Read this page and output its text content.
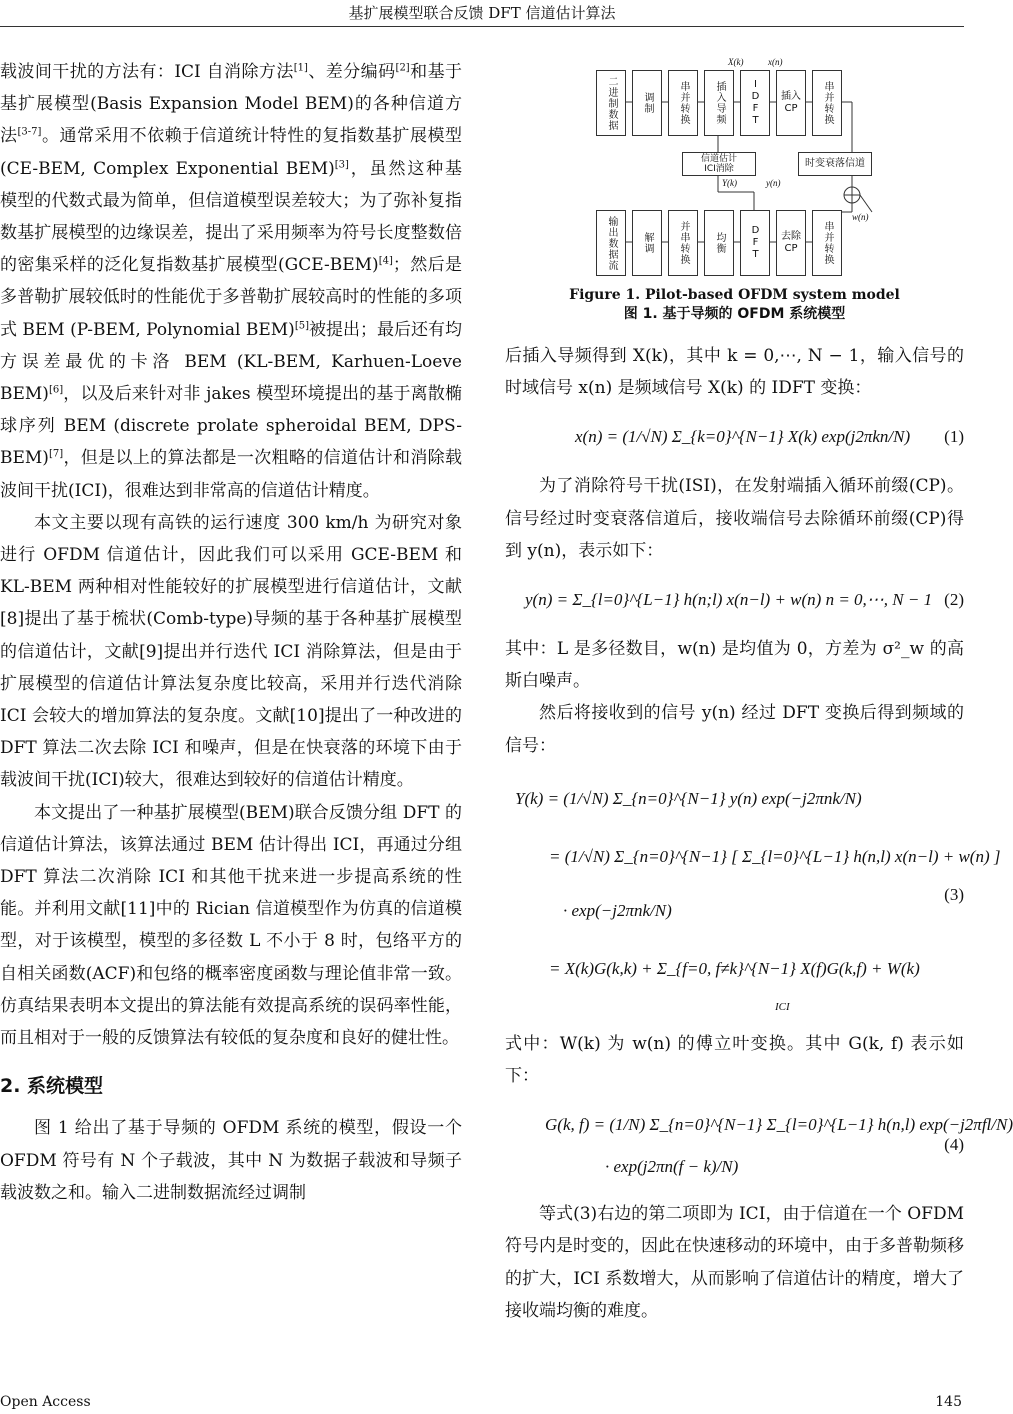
基扩展模型联合反馈 DFT 信道估计算法

载波间干扰的方法有：ICI 自消除方法[1]、差分编码[2]和基于基扩展模型(Basis Expansion Model BEM)的各种信道方法[3-7]。通常采用不依赖于信道统计特性的复指数基扩展模型(CE-BEM, Complex Exponential BEM)[3]，虽然这种基模型的代数式最为简单，但信道模型误差较大；为了弥补复指数基扩展模型的边缘误差，提出了采用频率为符号长度整数倍的密集采样的泛化复指数基扩展模型(GCE-BEM)[4]；然后是多普勒扩展较低时的性能优于多普勒扩展较高时的性能的多项式 BEM (P-BEM, Polynomial BEM)[5]被提出；最后还有均方误差最优的卡洛 BEM (KL-BEM, Karhuen-Loeve BEM)[6]，以及后来针对非 jakes 模型环境提出的基于离散椭球序列 BEM (discrete prolate spheroidal BEM, DPS-BEM)[7]，但是以上的算法都是一次粗略的信道估计和消除载波间干扰(ICI)，很难达到非常高的信道估计精度。

本文主要以现有高铁的运行速度 300 km/h 为研究对象进行 OFDM 信道估计，因此我们可以采用 GCE-BEM 和 KL-BEM 两种相对性能较好的扩展模型进行信道估计，文献[8]提出了基于梳状(Comb-type)导频的基于各种基扩展模型的信道估计，文献[9]提出并行迭代 ICI 消除算法，但是由于扩展模型的信道估计算法复杂度比较高，采用并行迭代消除 ICI 会较大的增加算法的复杂度。文献[10]提出了一种改进的 DFT 算法二次去除 ICI 和噪声，但是在快衰落的环境下由于载波间干扰(ICI)较大，很难达到较好的信道估计精度。

本文提出了一种基扩展模型(BEM)联合反馈分组 DFT 的信道估计算法，该算法通过 BEM 估计得出 ICI，再通过分组 DFT 算法二次消除 ICI 和其他干扰来进一步提高系统的性能。并利用文献[11]中的 Rician 信道模型作为仿真的信道模型，对于该模型，模型的多径数 L 不小于 8 时，包络平方的自相关函数(ACF)和包络的概率密度函数与理论值非常一致。仿真结果表明本文提出的算法能有效提高系统的误码率性能，而且相对于一般的反馈算法有较低的复杂度和良好的健壮性。

2. 系统模型

图 1 给出了基于导频的 OFDM 系统的模型，假设一个 OFDM 符号有 N 个子载波，其中 N 为数据子载波和导频子载波数之和。输入二进制数据流经过调制

二进制数据	调制	串并转换	插入导频	IDFT	插入CP	串并转换
X(k)	x(n)
信道估计
ICI消除	时变衰落信道
Y(k)	y(n)
w(n)
输出数据流	解调	并串转换	均衡	DFT	去除CP	串并转换
Figure 1. Pilot-based OFDM system model
图 1. 基于导频的 OFDM 系统模型

后插入导频得到 X(k)，其中 k = 0,⋯, N − 1，输入信号的时域信号 x(n) 是频域信号 X(k) 的 IDFT 变换：

x(n) = (1/√N) Σ_{k=0}^{N−1} X(k) exp(j2πkn/N)	(1)

为了消除符号干扰(ISI)，在发射端插入循环前缀(CP)。信号经过时变衰落信道后，接收端信号去除循环前缀(CP)得到 y(n)，表示如下：

y(n) = Σ_{l=0}^{L−1} h(n;l) x(n−l) + w(n) n = 0,⋯, N − 1 (2)

其中：L 是多径数目，w(n) 是均值为 0，方差为 σ²_w 的高斯白噪声。

然后将接收到的信号 y(n) 经过 DFT 变换后得到频域的信号：

Y(k) = (1/√N) Σ_{n=0}^{N−1} y(n) exp(−j2πnk/N)
= (1/√N) Σ_{n=0}^{N−1} [ Σ_{l=0}^{L−1} h(n,l) x(n−l) + w(n) ]
· exp(−j2πnk/N)
= X(k)G(k,k) + Σ_{f=0, f≠k}^{N−1} X(f)G(k,f) + W(k)
ICI
(3)

式中：W(k) 为 w(n) 的傅立叶变换。其中 G(k, f) 表示如下：

G(k, f) = (1/N) Σ_{n=0}^{N−1} Σ_{l=0}^{L−1} h(n,l) exp(−j2πfl/N)
· exp(j2πn(f − k)/N)
(4)

等式(3)右边的第二项即为 ICI，由于信道在一个 OFDM 符号内是时变的，因此在快速移动的环境中，由于多普勒频移的扩大，ICI 系数增大，从而影响了信道估计的精度，增大了接收端均衡的难度。

Open Access	145
